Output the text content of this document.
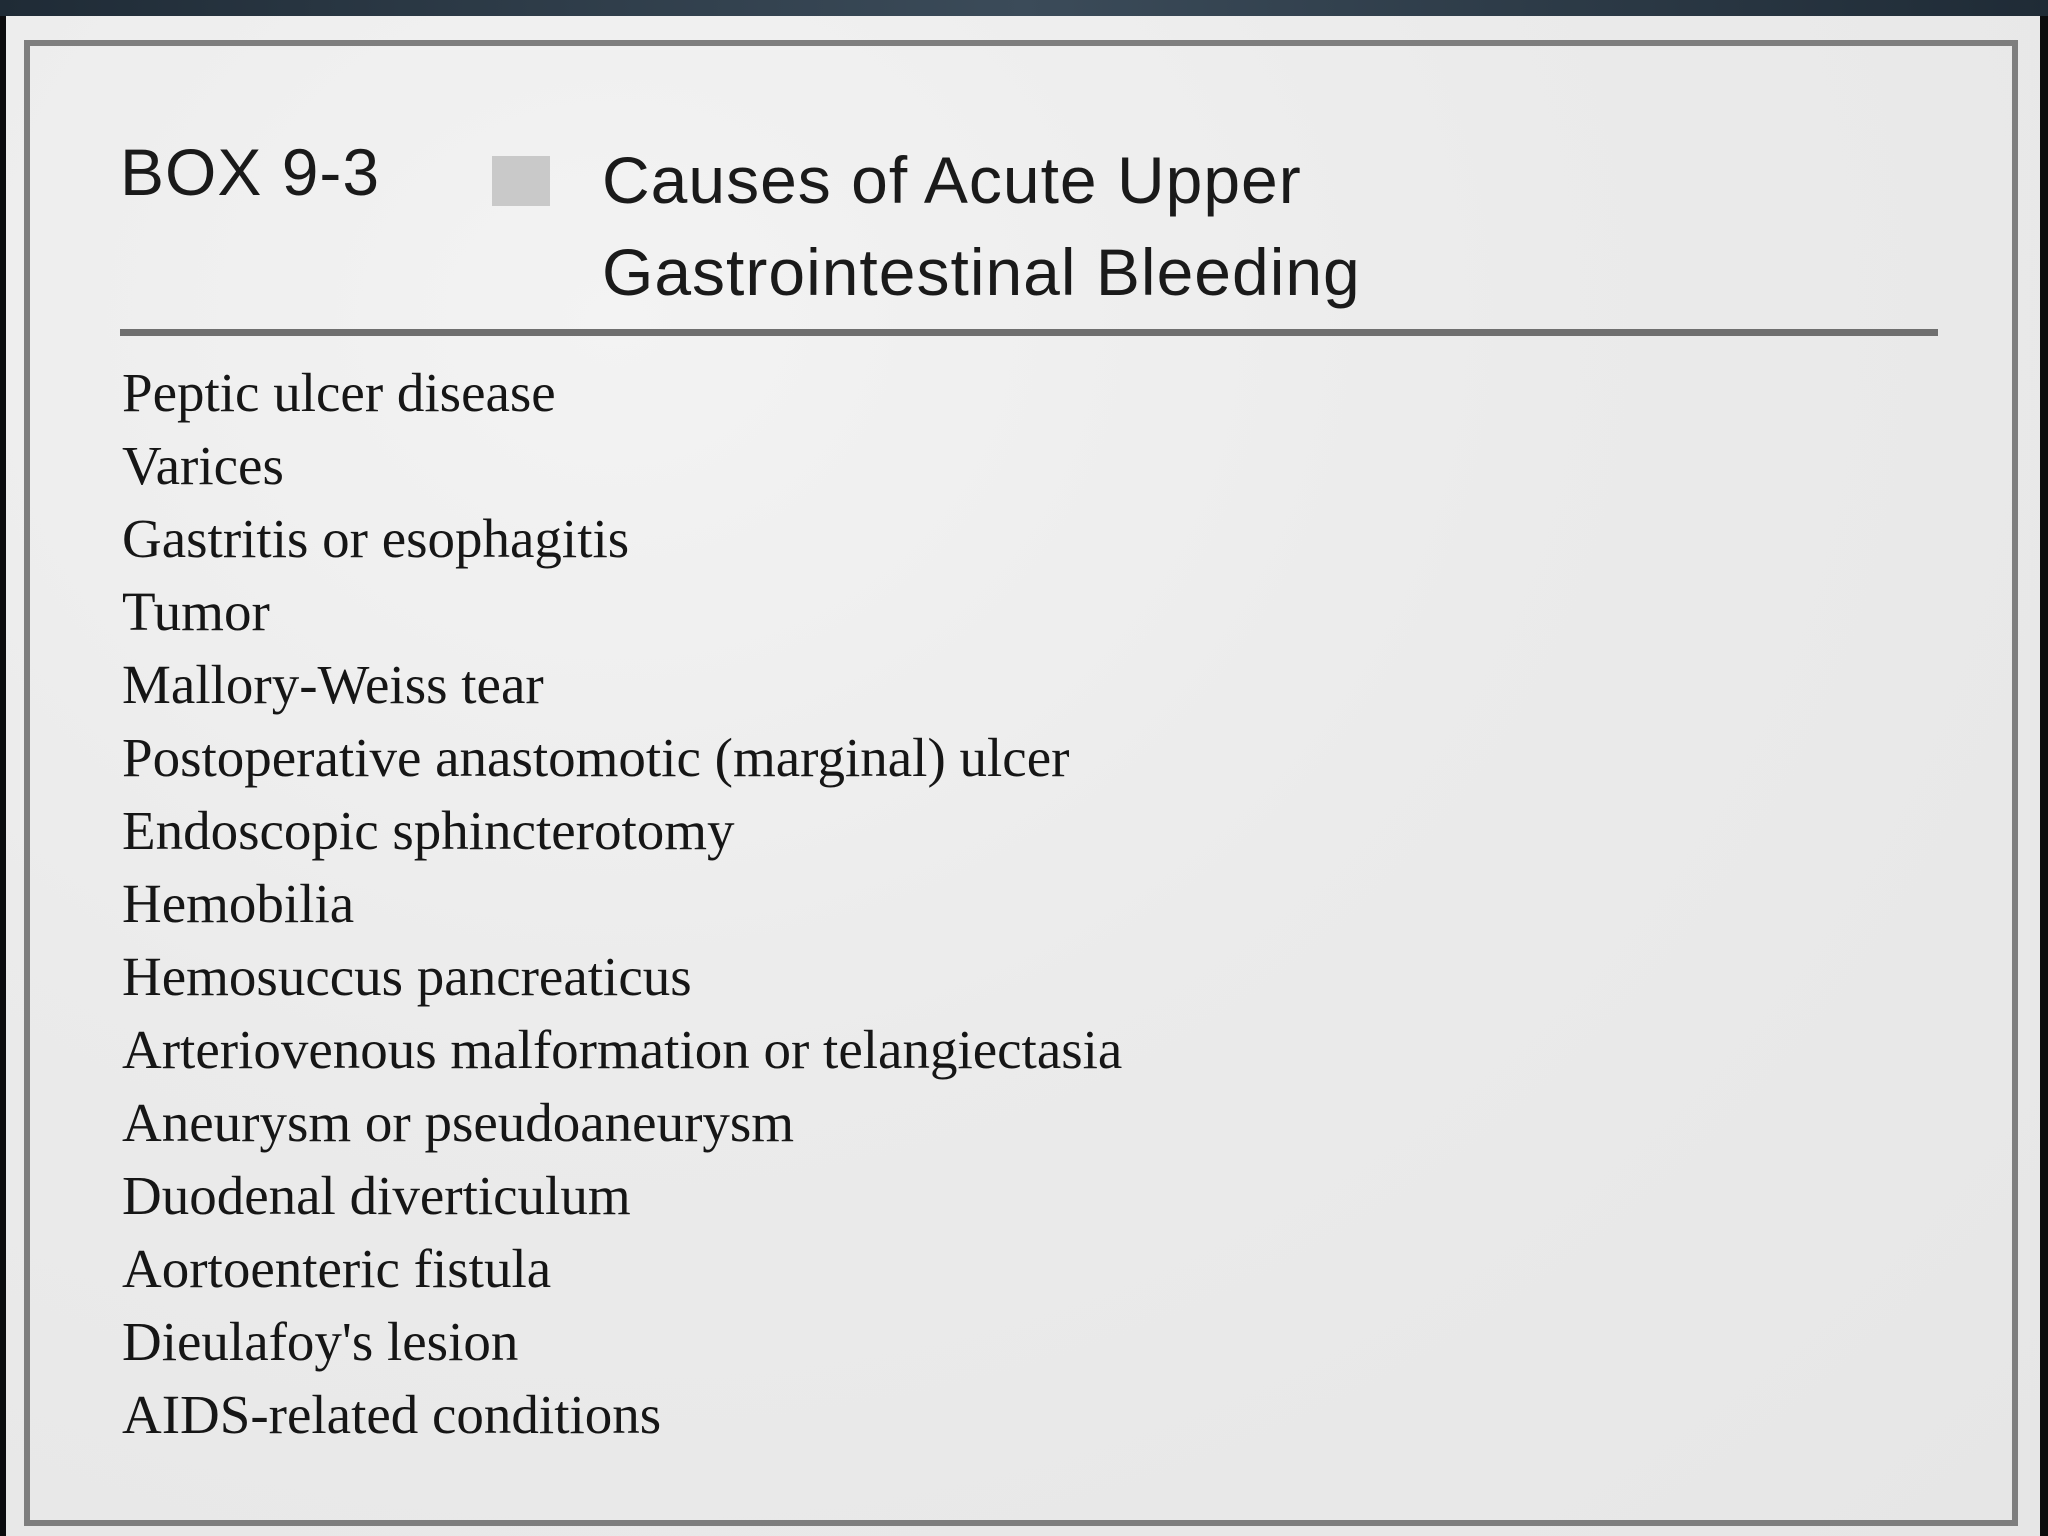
BOX 9-3	Causes of Acute Upper
Gastrointestinal Bleeding
Peptic ulcer disease
Varices
Gastritis or esophagitis
Tumor
Mallory-Weiss tear
Postoperative anastomotic (marginal) ulcer
Endoscopic sphincterotomy
Hemobilia
Hemosuccus pancreaticus
Arteriovenous malformation or telangiectasia
Aneurysm or pseudoaneurysm
Duodenal diverticulum
Aortoenteric fistula
Dieulafoy's lesion
AIDS-related conditions
